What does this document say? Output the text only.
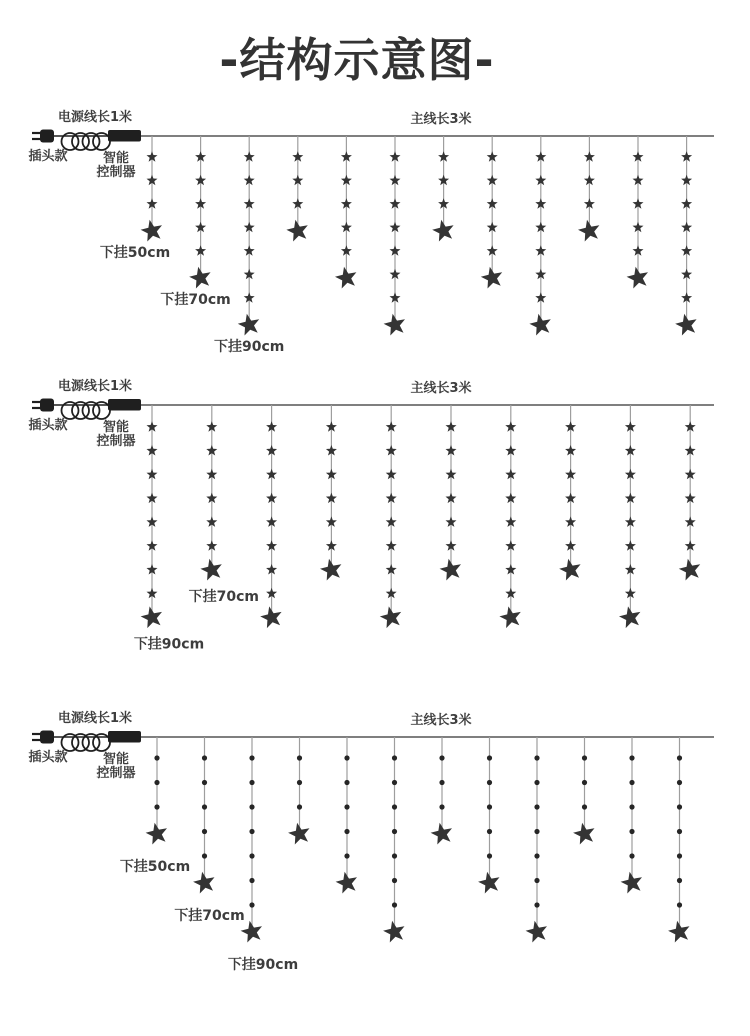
-结构示意图-
电源线长1米	主线长3米
插头款	智能
控制器
下挂50cm
下挂70cm
下挂90cm
电源线长1米	主线长3米
插头款	智能
控制器
下挂70cm
下挂90cm
电源线长1米	主线长3米
插头款	智能
控制器
下挂50cm
下挂70cm
下挂90cm
